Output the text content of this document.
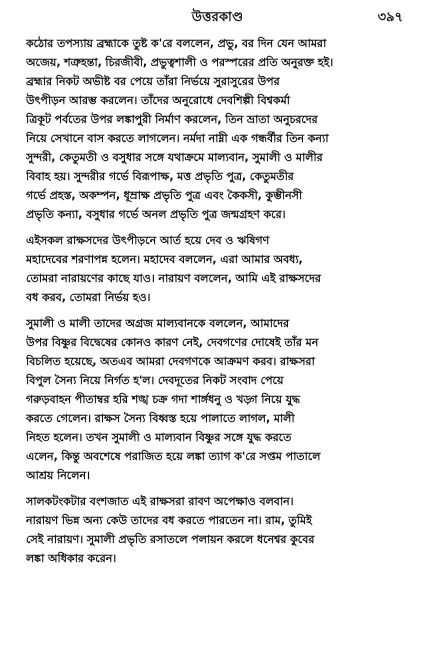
উত্তরকাণ্ড	৩৯৭

কঠোর তপস্যায় ব্রহ্মাকে তুষ্ট ক'রে বললেন, প্রভু, বর দিন যেন আমরা
অজেয়, শত্রুহন্তা, চিরজীবী, প্রভুত্বশালী ও পরস্পরের প্রতি অনুরক্ত হই।
ব্রহ্মার নিকট অভীষ্ট বর পেয়ে তাঁরা নির্ভয়ে সুরাসুরের উপর
উৎপীড়ন আরম্ভ করলেন। তাঁদের অনুরোধে দেবশিল্পী বিশ্বকর্মা
ত্রিকূট পর্বতের উপর লঙ্কাপুরী নির্মাণ করলেন, তিন ভ্রাতা অনুচরদের
নিয়ে সেখানে বাস করতে লাগলেন। নর্মদা নাম্নী এক গন্ধর্বীর তিন কন্যা
সুন্দরী, কেতুমতী ও বসুধার সঙ্গে যথাক্রমে মাল্যবান, সুমালী ও মালীর
বিবাহ হয়। সুন্দরীর গর্ভে বিরূপাক্ষ, মত্ত প্রভৃতি পুত্র, কেতুমতীর
গর্ভে প্রহস্ত, অকম্পন, ধূম্রাক্ষ প্রভৃতি পুত্র এবং কৈকসী, কুম্ভীনসী
প্রভৃতি কন্যা, বসুধার গর্ভে অনল প্রভৃতি পুত্র জন্মগ্রহণ করে।

এইসকল রাক্ষসদের উৎপীড়নে আর্ত হয়ে দেব ও ঋষিগণ
মহাদেবের শরণাপন্ন হলেন। মহাদেব বললেন, এরা আমার অবধ্য,
তোমরা নারায়ণের কাছে যাও। নারায়ণ বললেন, আমি এই রাক্ষসদের
বধ করব, তোমরা নির্ভয় হও।

সুমালী ও মালী তাদের অগ্রজ মাল্যবানকে বললেন, আমাদের
উপর বিষ্ণুর বিদ্বেষের কোনও কারণ নেই, দেবগণের দোষেই তাঁর মন
বিচলিত হয়েছে, অতএব আমরা দেবগণকে আক্রমণ করব। রাক্ষসরা
বিপুল সৈন্য নিয়ে নির্গত হ'ল। দেবদূতের নিকট সংবাদ পেয়ে
গরুড়বাহন পীতাম্বর হরি শঙ্খ চক্র গদা শার্ঙ্গধনু ও খড়্গ নিয়ে যুদ্ধ
করতে গেলেন। রাক্ষস সৈন্য বিধ্বস্ত হয়ে পালাতে লাগল, মালী
নিহত হলেন। তখন সুমালী ও মাল্যবান বিষ্ণুর সঙ্গে যুদ্ধ করতে
এলেন, কিন্তু অবশেষে পরাজিত হয়ে লঙ্কা ত্যাগ ক'রে সপ্তম পাতালে
আশ্রয় নিলেন।

সালকটংকটার বংশজাত এই রাক্ষসরা রাবণ অপেক্ষাও বলবান।
নারায়ণ ভিন্ন অন্য কেউ তাদের বধ করতে পারতেন না। রাম, তুমিই
সেই নারায়ণ। সুমালী প্রভৃতি রসাতলে পলায়ন করলে ধনেশ্বর কুবের
লঙ্কা অধিকার করেন।
